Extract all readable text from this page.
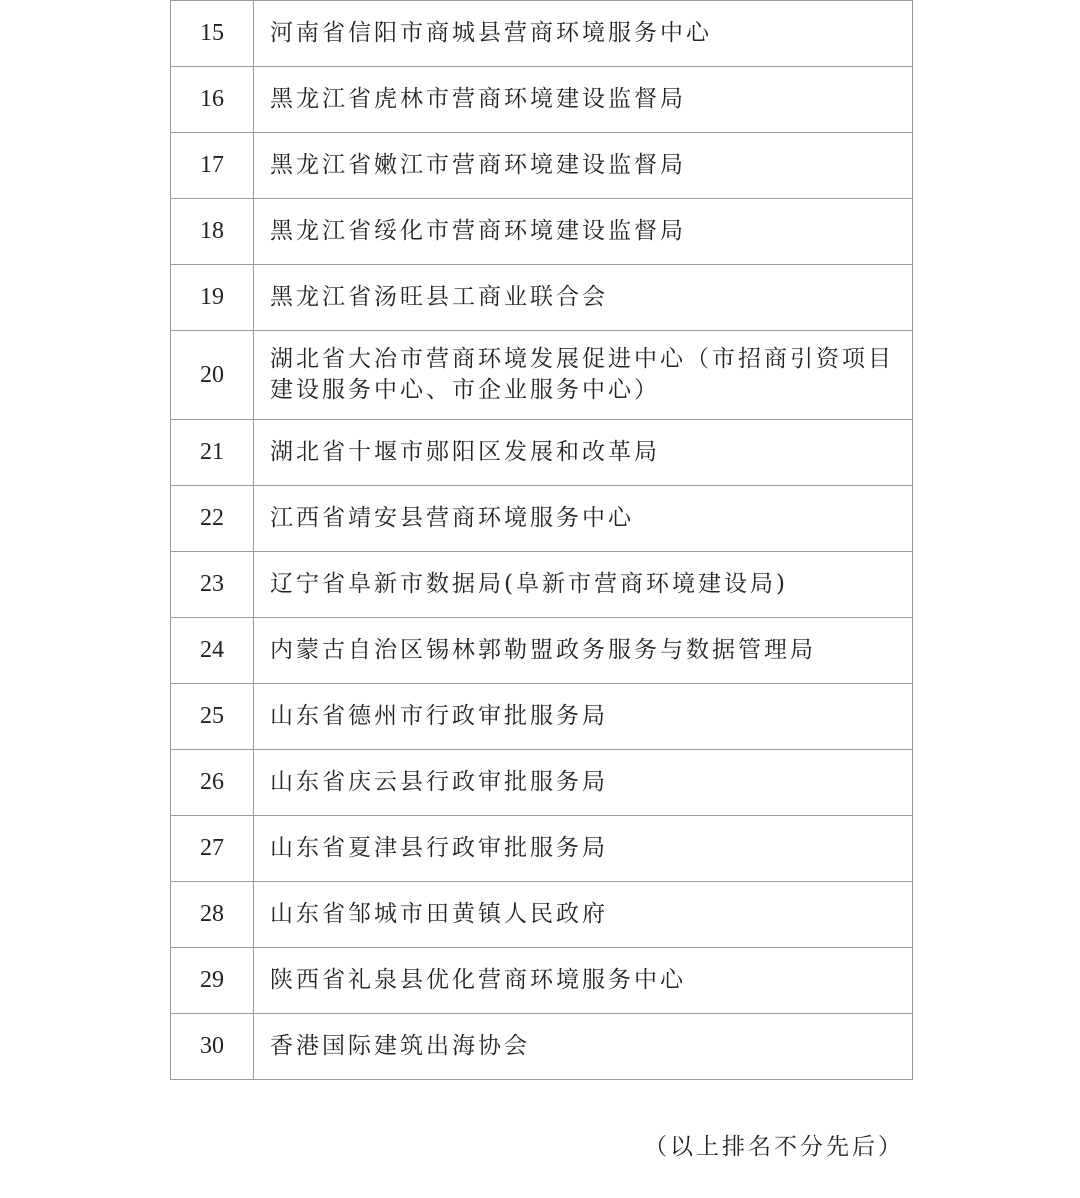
15	河南省信阳市商城县营商环境服务中心
16	黑龙江省虎林市营商环境建设监督局
17	黑龙江省嫩江市营商环境建设监督局
18	黑龙江省绥化市营商环境建设监督局
19	黑龙江省汤旺县工商业联合会
20	湖北省大冶市营商环境发展促进中心（市招商引资项目建设服务中心、市企业服务中心）
21	湖北省十堰市郧阳区发展和改革局
22	江西省靖安县营商环境服务中心
23	辽宁省阜新市数据局(阜新市营商环境建设局)
24	内蒙古自治区锡林郭勒盟政务服务与数据管理局
25	山东省德州市行政审批服务局
26	山东省庆云县行政审批服务局
27	山东省夏津县行政审批服务局
28	山东省邹城市田黄镇人民政府
29	陕西省礼泉县优化营商环境服务中心
30	香港国际建筑出海协会
（以上排名不分先后）
